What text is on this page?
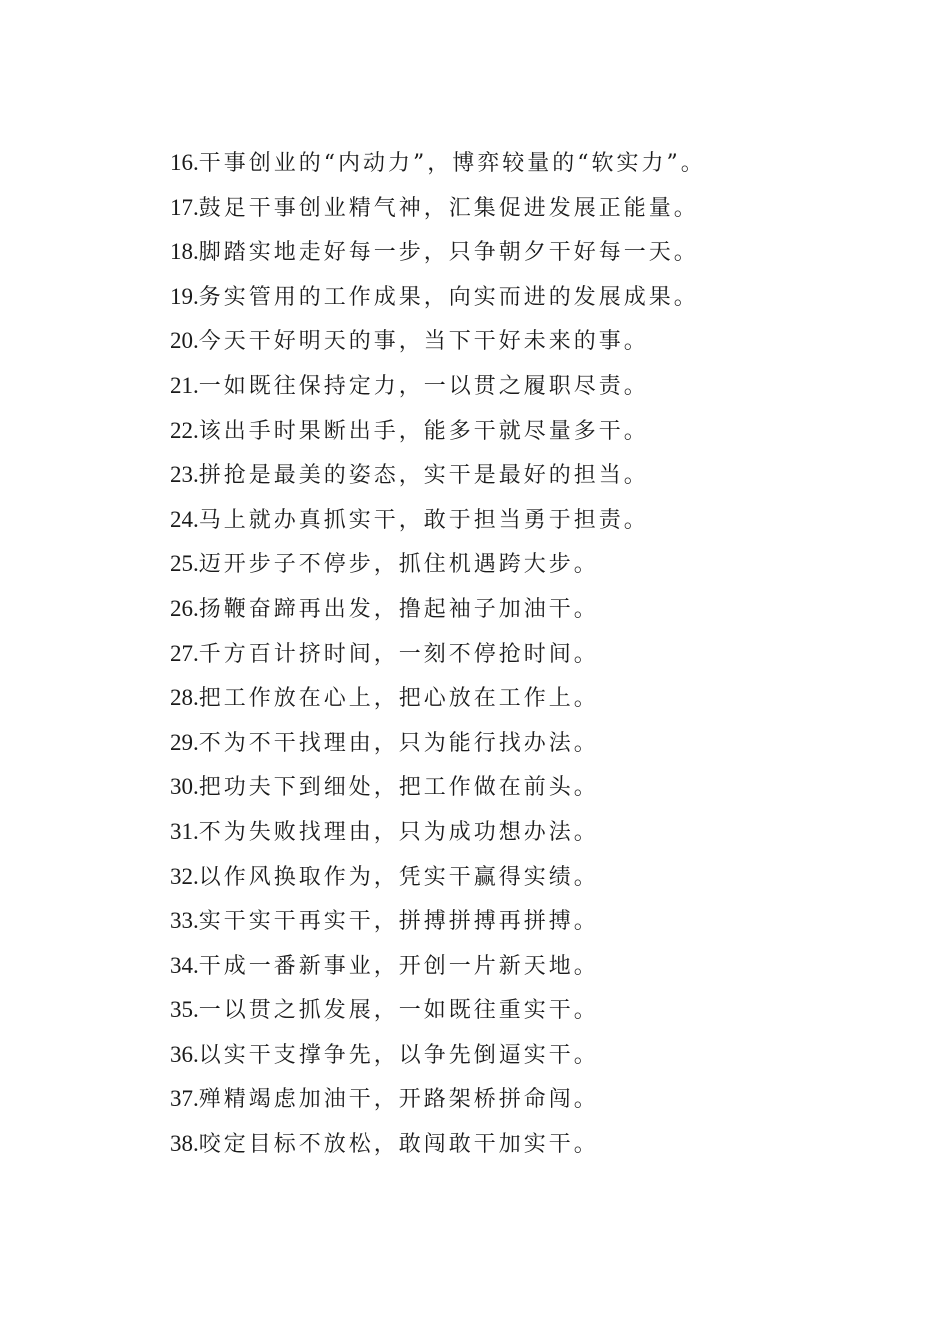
16.干事创业的“内动力”，博弈较量的“软实力”。
17.鼓足干事创业精气神，汇集促进发展正能量。
18.脚踏实地走好每一步，只争朝夕干好每一天。
19.务实管用的工作成果，向实而进的发展成果。
20.今天干好明天的事，当下干好未来的事。
21.一如既往保持定力，一以贯之履职尽责。
22.该出手时果断出手，能多干就尽量多干。
23.拼抢是最美的姿态，实干是最好的担当。
24.马上就办真抓实干，敢于担当勇于担责。
25.迈开步子不停步，抓住机遇跨大步。
26.扬鞭奋蹄再出发，撸起袖子加油干。
27.千方百计挤时间，一刻不停抢时间。
28.把工作放在心上，把心放在工作上。
29.不为不干找理由，只为能行找办法。
30.把功夫下到细处，把工作做在前头。
31.不为失败找理由，只为成功想办法。
32.以作风换取作为，凭实干赢得实绩。
33.实干实干再实干，拼搏拼搏再拼搏。
34.干成一番新事业，开创一片新天地。
35.一以贯之抓发展，一如既往重实干。
36.以实干支撑争先，以争先倒逼实干。
37.殚精竭虑加油干，开路架桥拼命闯。
38.咬定目标不放松，敢闯敢干加实干。
